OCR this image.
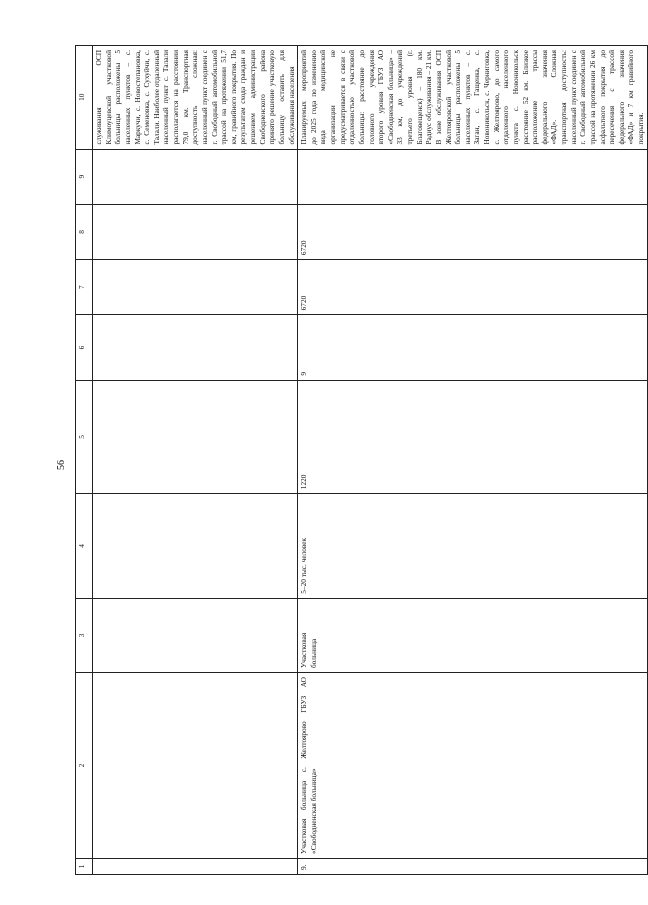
56
1	2	3	4	5	6	7	8	9	10
									служивания ОСП Климоуцевской участковой больницы расположены 5 населенных пунктов – с. Маркучи, с. Новостепановка, с. Семеновка, с. Сухуйчи, с. Талали. Наиболее отдаленный населенный пункт с. Талали располагается на расстоянии 79,0 км. Транспортная доступность сложная: населенный пункт соединен с г. Свободный автомобильной трассой на протяжении 51,7 км, гравийного покрытия. По результатам схода граждан и решением администрации Свободненского района принято решение участковую больницу оставить для обслуживания населения
9.	Участковая больница с. Желтоярово ГБУЗ АО «Свободненская больница»	Участковая больница	5–20 тыс. человек	1220	9	6720	6720		Планируемых мероприятий до 2025 года по изменению вида медицинской организации не предусматривается в связи с отдаленностью участковой больницы: расстояние до головного учреждения второго уровня ГБУЗ АО «Свободненская больница» – 33 км, до учреждений третьего уровня (г. Благовещенск) – 180 км. Радиус обслуживания – 21 км. В зоне обслуживания ОСП Желтояровской участковой больницы расположены 5 населенных пунктов – с. Заган, с. Гащенка, с. Новоникольск, с. Черниговка, с. Желтоярово, до самого отдаленного населенного пункта с. Новоникольск расстояние 52 км. Близкое расположение трассы федерального значения «ФАД». Сложная транспортная доступность: населенный пункт соединен с г. Свободный автомобильной трассой на протяжении 26 км асфальтного покрытия до пересечения с трассой федерального значения «ФАД» и 7 км гравийного покрытия.
